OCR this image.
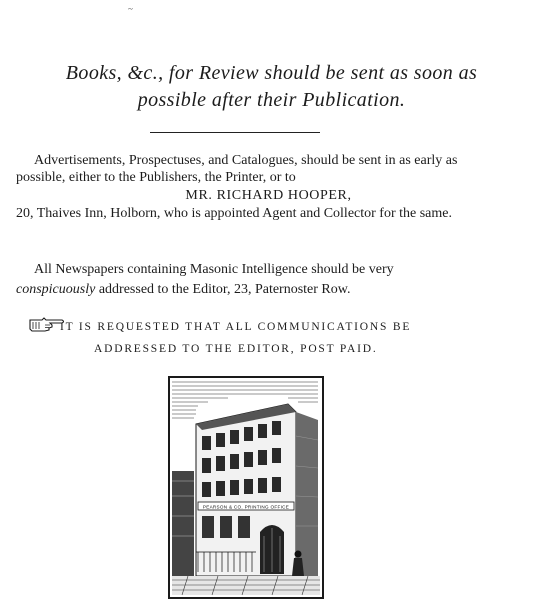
~
Books, &c., for Review should be sent as soon as
possible after their Publication.

Advertisements, Prospectuses, and Catalogues, should be sent in as early as possible, either to the Publishers, the Printer, or to

MR. RICHARD HOOPER,

20, Thaives Inn, Holborn, who is appointed Agent and Collector for the same.

All Newspapers containing Masonic Intelligence should be very
conspicuously addressed to the Editor, 23, Paternoster Row.

IT IS REQUESTED THAT ALL COMMUNICATIONS BE
ADDRESSED TO THE EDITOR, POST PAID.
PEARSON & CO. PRINTING OFFICE
